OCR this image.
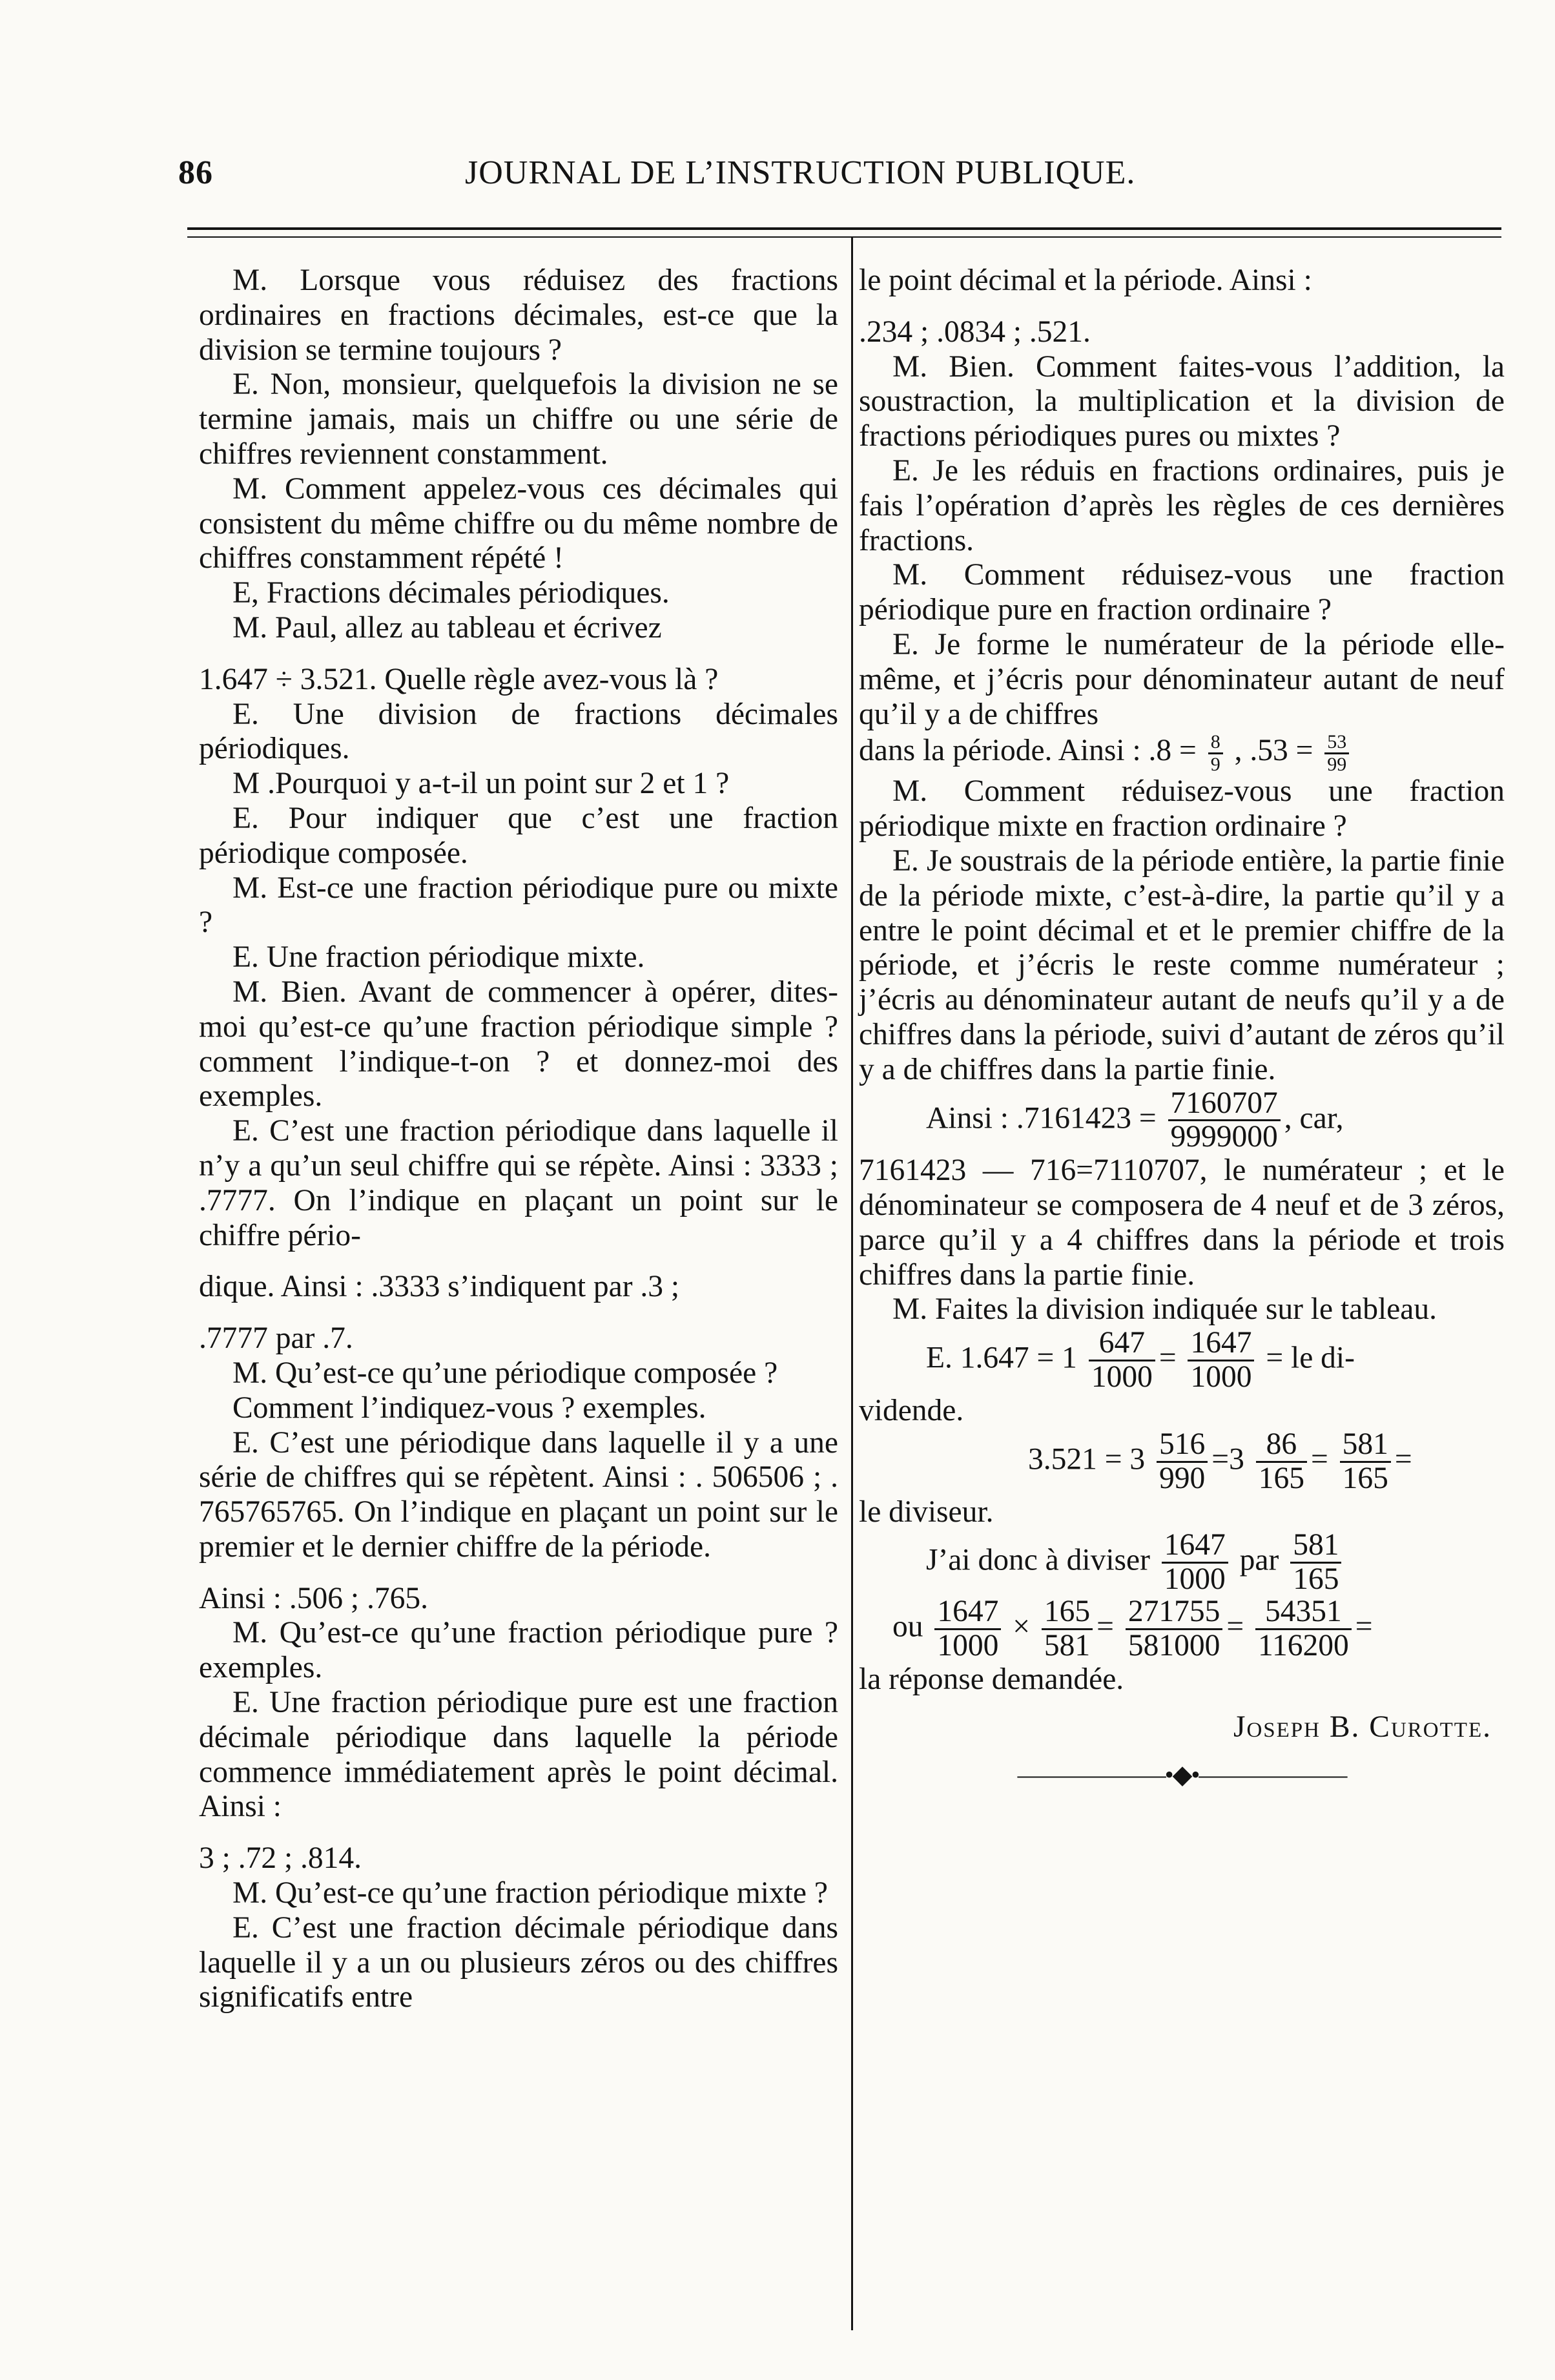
86	JOURNAL DE L’INSTRUCTION PUBLIQUE.

M. Lorsque vous réduisez des fractions ordinaires en fractions décimales, est-ce que la division se termine toujours ?

E. Non, monsieur, quelquefois la division ne se termine jamais, mais un chiffre ou une série de chiffres reviennent constamment.

M. Comment appelez-vous ces décimales qui consistent du même chiffre ou du même nombre de chiffres constamment répété !

E, Fractions décimales périodiques.

M. Paul, allez au tableau et écrivez

1.647 ÷ 3.521. Quelle règle avez-vous là ?

E. Une division de fractions décimales périodiques.

M .Pourquoi y a-t-il un point sur 2 et 1 ?

E. Pour indiquer que c’est une fraction périodique composée.

M. Est-ce une fraction périodique pure ou mixte ?

E. Une fraction périodique mixte.

M. Bien. Avant de commencer à opérer, dites-moi qu’est-ce qu’une fraction périodique simple ? comment l’indique-t-on ? et donnez-moi des exemples.

E. C’est une fraction périodique dans laquelle il n’y a qu’un seul chiffre qui se répète. Ainsi : 3333 ; .7777. On l’indique en plaçant un point sur le chiffre pério-

dique. Ainsi : .3333 s’indiquent par .3 ;

.7777 par .7.

M. Qu’est-ce qu’une périodique composée ?

Comment l’indiquez-vous ? exemples.

E. C’est une périodique dans laquelle il y a une série de chiffres qui se répètent. Ainsi : . 506506 ; . 765765765. On l’indique en plaçant un point sur le premier et le dernier chiffre de la période.

Ainsi : .506 ; .765.

M. Qu’est-ce qu’une fraction périodique pure ? exemples.

E. Une fraction périodique pure est une fraction décimale périodique dans laquelle la période commence immédiatement après le point décimal. Ainsi :

3 ; .72 ; .814.

M. Qu’est-ce qu’une fraction périodique mixte ?

E. C’est une fraction décimale périodique dans laquelle il y a un ou plusieurs zéros ou des chiffres significatifs entre

le point décimal et la période. Ainsi :

.234 ; .0834 ; .521.

M. Bien. Comment faites-vous l’addition, la soustraction, la multiplication et la division de fractions périodiques pures ou mixtes ?

E. Je les réduis en fractions ordinaires, puis je fais l’opération d’après les règles de ces dernières fractions.

M. Comment réduisez-vous une fraction périodique pure en fraction ordinaire ?

E. Je forme le numérateur de la période elle-même, et j’écris pour dénominateur autant de neuf qu’il y a de chiffres

dans la période. Ainsi : $.8 = \frac{8}{9}$ , $.53 = \frac{53}{99}$

M. Comment réduisez-vous une fraction périodique mixte en fraction ordinaire ?

E. Je soustrais de la période entière, la partie finie de la période mixte, c’est-à-dire, la partie qu’il y a entre le point décimal et et le premier chiffre de la période, et j’écris le reste comme numérateur ; j’écris au dénominateur autant de neufs qu’il y a de chiffres dans la période, suivi d’autant de zéros qu’il y a de chiffres dans la partie finie.

Ainsi : $.7161423 = \frac{7160707}{9999000}$ , car,

7161423 — 716=7110707, le numérateur ; et le dénominateur se composera de 4 neuf et de 3 zéros, parce qu’il y a 4 chiffres dans la période et trois chiffres dans la partie finie.

M. Faites la division indiquée sur le tableau.

E. $1.647 = 1 \frac{647}{1000} = \frac{1647}{1000}$ = le di-

vidende.

$3.521 = 3 \frac{516}{990} =3 \frac{86}{165} = \frac{581}{165}$ =

le diviseur.

J’ai donc à diviser $\frac{1647}{1000}$ par $\frac{581}{165}$

ou $\frac{1647}{1000} \times \frac{165}{581} = \frac{271755}{581000} = \frac{54351}{116200}$ =

la réponse demandée.

Joseph B. Curotte.
——————•◆•——————
